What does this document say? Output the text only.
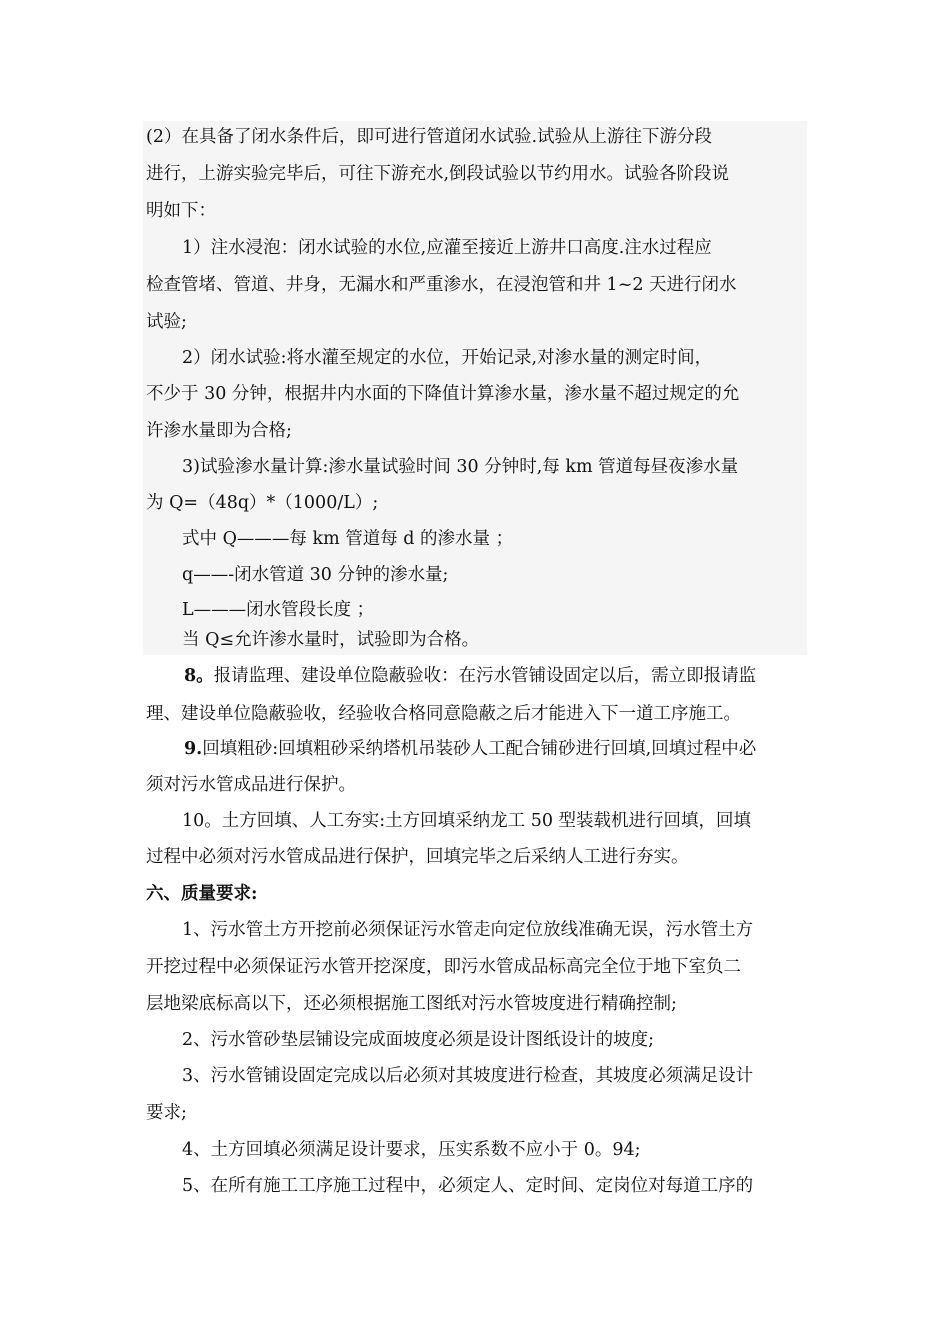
(2）在具备了闭水条件后，即可进行管道闭水试验.试验从上游往下游分段
进行，上游实验完毕后，可往下游充水,倒段试验以节约用水。试验各阶段说
明如下：
1）注水浸泡：闭水试验的水位,应灌至接近上游井口高度.注水过程应
检查管堵、管道、井身，无漏水和严重渗水，在浸泡管和井 1~2 天进行闭水
试验;
2）闭水试验:将水灌至规定的水位，开始记录,对渗水量的测定时间，
不少于 30 分钟，根据井内水面的下降值计算渗水量，渗水量不超过规定的允
许渗水量即为合格;
3)试验渗水量计算:渗水量试验时间 30 分钟时,每 km 管道每昼夜渗水量
为 Q=（48q）*（1000/L）;
式中 Q———每 km 管道每 d 的渗水量 ；
q——-闭水管道 30 分钟的渗水量;
L———闭水管段长度 ；
当 Q≤允许渗水量时，试验即为合格。
8。报请监理、建设单位隐蔽验收：在污水管铺设固定以后，需立即报请监
理、建设单位隐蔽验收，经验收合格同意隐蔽之后才能进入下一道工序施工。
9.回填粗砂:回填粗砂采纳塔机吊装砂人工配合铺砂进行回填,回填过程中必
须对污水管成品进行保护。
10。土方回填、人工夯实:土方回填采纳龙工 50 型装载机进行回填，回填
过程中必须对污水管成品进行保护，回填完毕之后采纳人工进行夯实。
六、质量要求:
1、污水管土方开挖前必须保证污水管走向定位放线准确无误，污水管土方
开挖过程中必须保证污水管开挖深度，即污水管成品标高完全位于地下室负二
层地梁底标高以下，还必须根据施工图纸对污水管坡度进行精确控制;
2、污水管砂垫层铺设完成面坡度必须是设计图纸设计的坡度;
3、污水管铺设固定完成以后必须对其坡度进行检查，其坡度必须满足设计
要求;
4、土方回填必须满足设计要求，压实系数不应小于 0。94;
5、在所有施工工序施工过程中，必须定人、定时间、定岗位对每道工序的
